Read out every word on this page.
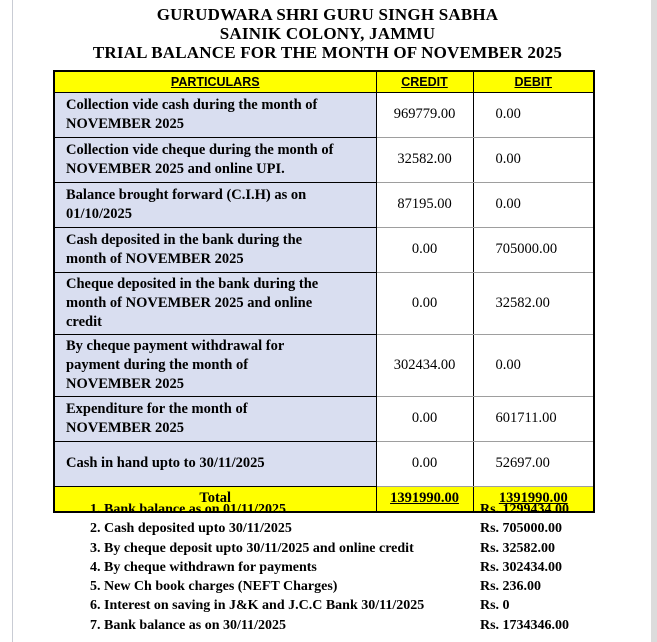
GURUDWARA SHRI GURU SINGH SABHA
SAINIK COLONY, JAMMU
TRIAL BALANCE FOR THE MONTH OF NOVEMBER 2025
PARTICULARS	CREDIT	DEBIT
Collection vide cash during the month of NOVEMBER 2025	969779.00	0.00
Collection vide cheque during the month of NOVEMBER 2025 and online UPI.	32582.00	0.00
Balance brought forward (C.I.H) as on 01/10/2025	87195.00	0.00
Cash deposited in the bank during the month of NOVEMBER 2025	0.00	705000.00
Cheque deposited in the bank during the month of NOVEMBER 2025 and online credit	0.00	32582.00
By cheque payment withdrawal for payment during the month of NOVEMBER 2025	302434.00	0.00
Expenditure for the month of NOVEMBER 2025	0.00	601711.00
Cash in hand upto to 30/11/2025	0.00	52697.00
Total	1391990.00	1391990.00
1. Bank balance as on 01/11/2025	Rs. 1299434.00
2. Cash deposited upto 30/11/2025	Rs. 705000.00
3. By cheque deposit upto 30/11/2025 and online credit	Rs. 32582.00
4. By cheque withdrawn for payments	Rs. 302434.00
5. New Ch book charges (NEFT Charges)	Rs. 236.00
6. Interest on saving in J&K and J.C.C Bank 30/11/2025	Rs. 0
7. Bank balance as on 30/11/2025	Rs. 1734346.00
